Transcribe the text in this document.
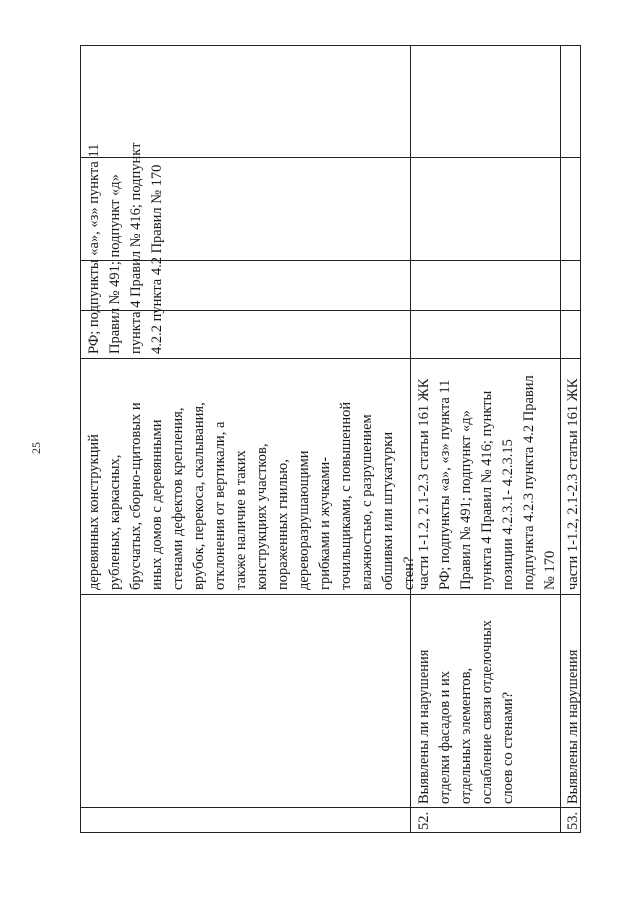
25	деревянных конструкций рубленых, каркасных, брусчатых, сборно-щитовых и иных домов с деревянными стенами дефектов крепления, врубок, перекоса, скалывания, отклонения от вертикали, а также наличие в таких конструкциях участков, пораженных гнилью, дереворазрушающими грибками и жучками- точильщиками, с повышенной влажностью, с разрушением обшивки или штукатурки стен?
РФ; подпункты «а», «з» пункта 11 Правил № 491; подпункт «д» пункта 4 Правил № 416; подпункт 4.2.2 пункта 4.2 Правил № 170
52.
Выявлены ли нарушения отделки фасадов и их отдельных элементов, ослабление связи отделочных слоев со стенами?
части 1-1.2, 2.1-2.3 статьи 161 ЖК РФ; подпункты «а», «з» пункта 11 Правил № 491; подпункт «д» пункта 4 Правил № 416; пункты позиции 4.2.3.1- 4.2.3.15 подпункта 4.2.3 пункта 4.2 Правил № 170
53.
Выявлены ли нарушения
части 1-1.2, 2.1-2.3 статьи 161 ЖК
